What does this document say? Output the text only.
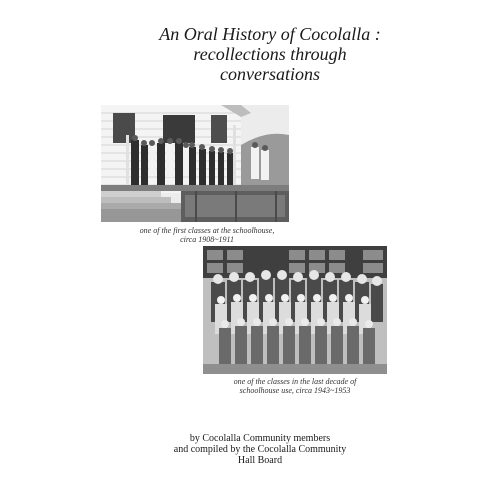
An Oral History of Cocolalla :
recollections through
conversations
one of the first classes at the schoolhouse,
circa 1908~1911
one of the classes in the last decade of
schoolhouse use, circa 1943~1953
by Cocolalla Community members
and compiled by the Cocolalla Community
Hall Board
